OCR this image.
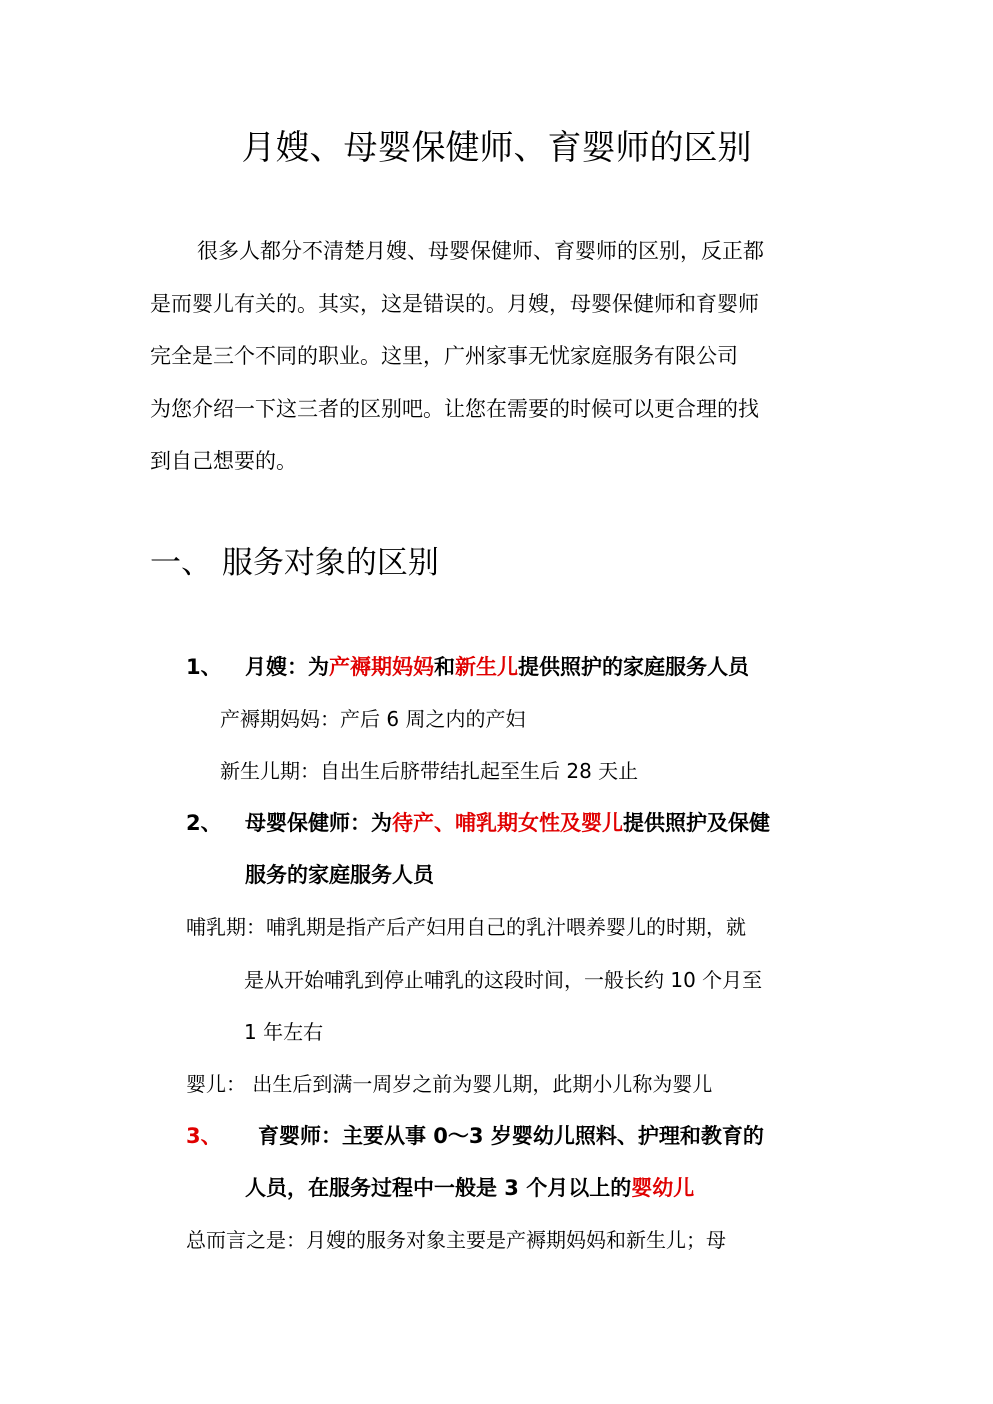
月嫂、母婴保健师、育婴师的区别
很多人都分不清楚月嫂、母婴保健师、育婴师的区别，反正都
是而婴儿有关的。其实，这是错误的。月嫂，母婴保健师和育婴师
完全是三个不同的职业。这里，广州家事无忧家庭服务有限公司
为您介绍一下这三者的区别吧。让您在需要的时候可以更合理的找
到自己想要的。
一、 服务对象的区别
1、 月嫂：为产褥期妈妈和新生儿提供照护的家庭服务人员
产褥期妈妈：产后 6 周之内的产妇
新生儿期：自出生后脐带结扎起至生后 28 天止
2、 母婴保健师：为待产、哺乳期女性及婴儿提供照护及保健
服务的家庭服务人员
哺乳期：哺乳期是指产后产妇用自己的乳汁喂养婴儿的时期，就
是从开始哺乳到停止哺乳的这段时间，一般长约 10 个月至
1 年左右
婴儿： 出生后到满一周岁之前为婴儿期，此期小儿称为婴儿
3、 育婴师：主要从事 0～3 岁婴幼儿照料、护理和教育的
人员，在服务过程中一般是 3 个月以上的婴幼儿
总而言之是：月嫂的服务对象主要是产褥期妈妈和新生儿；母
